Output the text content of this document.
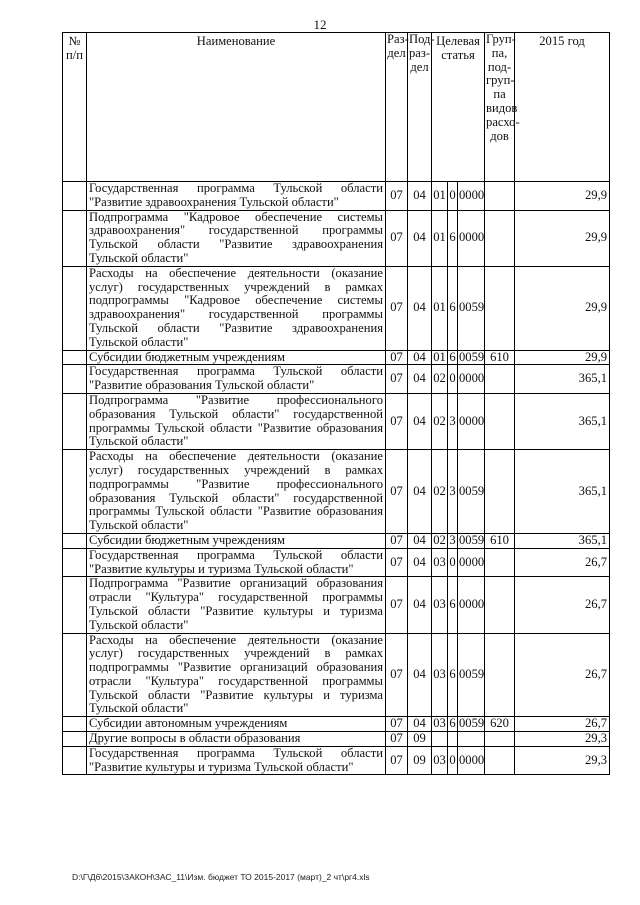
12
№ п/п	Наименование	Раз-дел	Под-раз-дел	Целевая статья			Груп-па, под-груп-па видов расхо-дов	2015 год
	Государственная программа Тульской области "Развитие здравоохранения Тульской области"	07	04	01	0	0000		29,9
	Подпрограмма "Кадровое обеспечение системы здравоохранения" государственной программы Тульской области "Развитие здравоохранения Тульской области"	07	04	01	6	0000		29,9
	Расходы на обеспечение деятельности (оказание услуг) государственных учреждений в рамках подпрограммы "Кадровое обеспечение системы здравоохранения" государственной программы Тульской области "Развитие здравоохранения Тульской области"	07	04	01	6	0059		29,9
	Субсидии бюджетным учреждениям	07	04	01	6	0059	610	29,9
	Государственная программа Тульской области "Развитие образования Тульской области"	07	04	02	0	0000		365,1
	Подпрограмма "Развитие профессионального образования Тульской области" государственной программы Тульской области "Развитие образования Тульской области"	07	04	02	3	0000		365,1
	Расходы на обеспечение деятельности (оказание услуг) государственных учреждений в рамках подпрограммы "Развитие профессионального образования Тульской области" государственной программы Тульской области "Развитие образования Тульской области"	07	04	02	3	0059		365,1
	Субсидии бюджетным учреждениям	07	04	02	3	0059	610	365,1
	Государственная программа Тульской области "Развитие культуры и туризма Тульской области"	07	04	03	0	0000		26,7
	Подпрограмма "Развитие организаций образования отрасли "Культура" государственной программы Тульской области "Развитие культуры и туризма Тульской области"	07	04	03	6	0000		26,7
	Расходы на обеспечение деятельности (оказание услуг) государственных учреждений в рамках подпрограммы "Развитие организаций образования отрасли "Культура" государственной программы Тульской области "Развитие культуры и туризма Тульской области"	07	04	03	6	0059		26,7
	Субсидии автономным учреждениям	07	04	03	6	0059	620	26,7
	Другие вопросы в области образования	07	09					29,3
	Государственная программа Тульской области "Развитие культуры и туризма Тульской области"	07	09	03	0	0000		29,3
D:\Г\Д6\2015\ЗАКОН\ЗАС_11\Изм. бюджет ТО 2015-2017 (март)_2 чт\рг4.xls
